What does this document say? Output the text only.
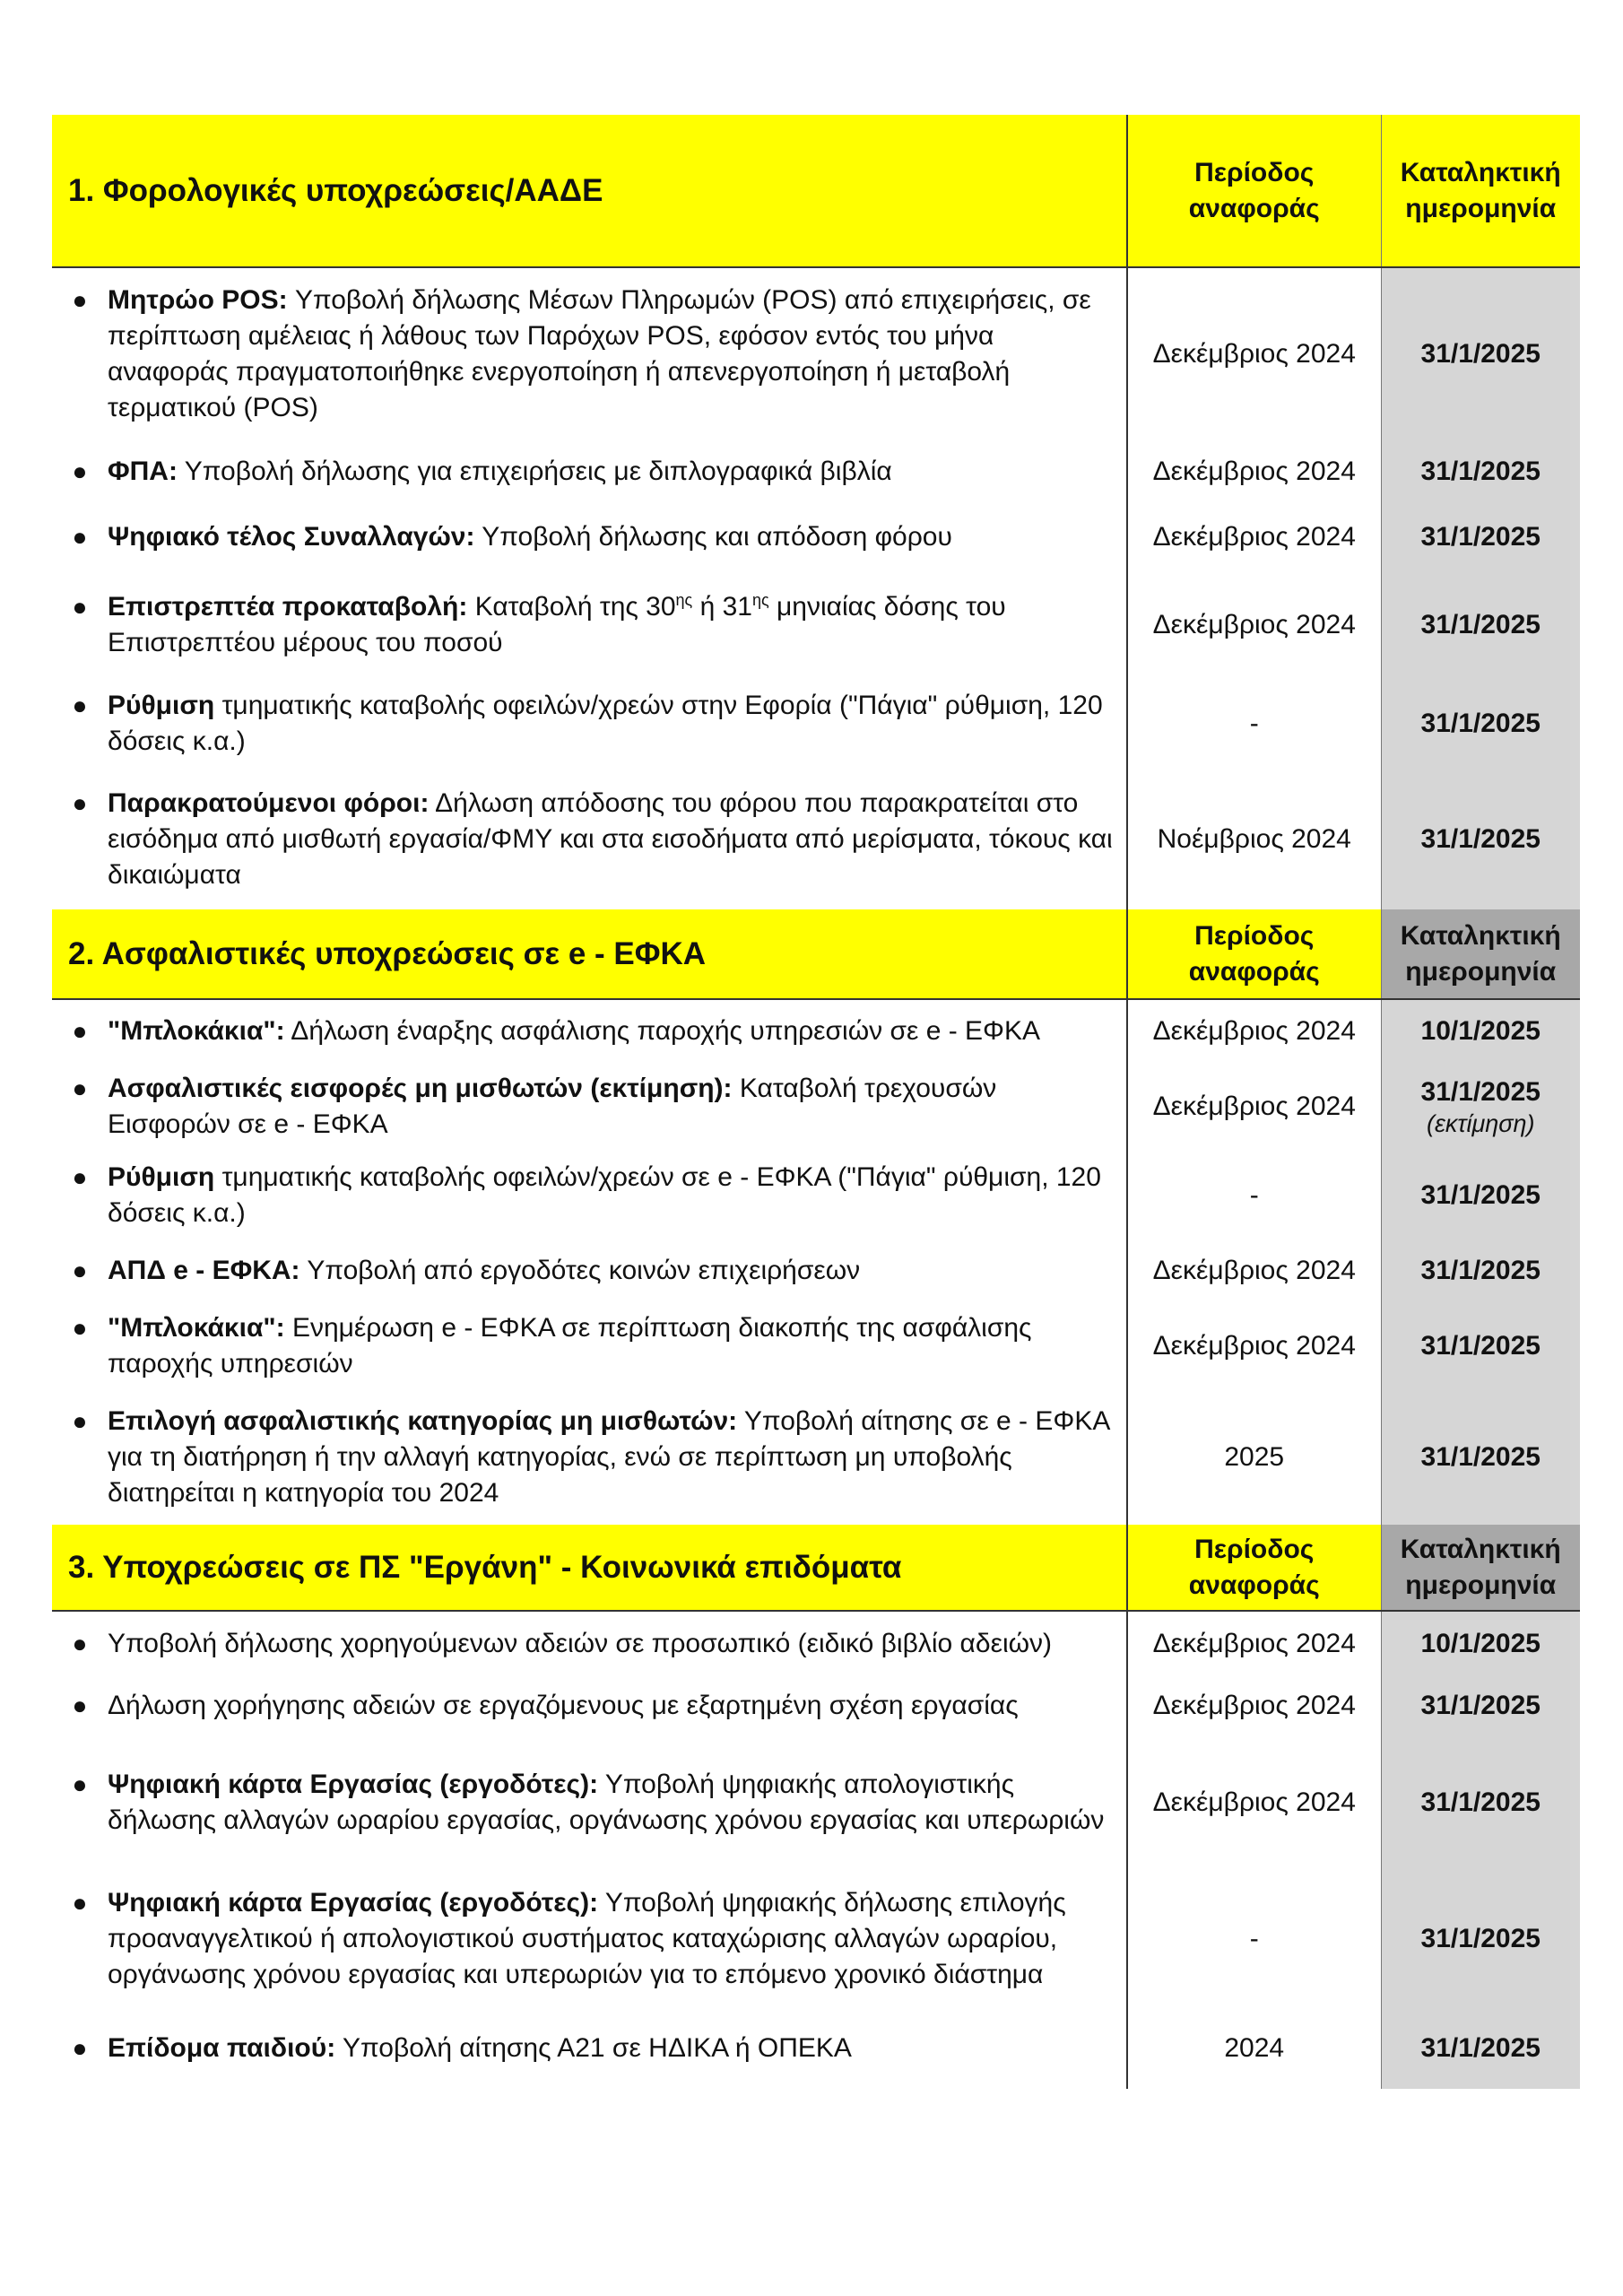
1. Φορολογικές υποχρεώσεις/ΑΑΔΕ	Περίοδος αναφοράς	Καταληκτική ημερομηνία

● Μητρώο POS: Υποβολή δήλωσης Μέσων Πληρωμών (POS) από επιχειρήσεις, σε περίπτωση αμέλειας ή λάθους των Παρόχων POS, εφόσον εντός του μήνα αναφοράς πραγματοποιήθηκε ενεργοποίηση ή απενεργοποίηση ή μεταβολή τερματικού (POS)	Δεκέμβριος 2024	31/1/2025

● ΦΠΑ: Υποβολή δήλωσης για επιχειρήσεις με διπλογραφικά βιβλία	Δεκέμβριος 2024	31/1/2025

● Ψηφιακό τέλος Συναλλαγών: Υποβολή δήλωσης και απόδοση φόρου	Δεκέμβριος 2024	31/1/2025

● Επιστρεπτέα προκαταβολή: Καταβολή της $30^{\eta\varsigma}$ ή $31^{\eta\varsigma}$ μηνιαίας δόσης του Επιστρεπτέου μέρους του ποσού	Δεκέμβριος 2024	31/1/2025

● Ρύθμιση τμηματικής καταβολής οφειλών/χρεών στην Εφορία ("Πάγια" ρύθμιση, 120 δόσεις κ.α.)	-	31/1/2025

● Παρακρατούμενοι φόροι: Δήλωση απόδοσης του φόρου που παρακρατείται στο εισόδημα από μισθωτή εργασία/ΦΜΥ και στα εισοδήματα από μερίσματα, τόκους και δικαιώματα	Νοέμβριος 2024	31/1/2025

2. Ασφαλιστικές υποχρεώσεις σε e - ΕΦΚΑ	Περίοδος αναφοράς	Καταληκτική ημερομηνία

● "Μπλοκάκια": Δήλωση έναρξης ασφάλισης παροχής υπηρεσιών σε e - ΕΦΚΑ	Δεκέμβριος 2024	10/1/2025

● Ασφαλιστικές εισφορές μη μισθωτών (εκτίμηση): Καταβολή τρεχουσών Εισφορών σε e - ΕΦΚΑ	Δεκέμβριος 2024	31/1/2025
(εκτίμηση)

● Ρύθμιση τμηματικής καταβολής οφειλών/χρεών σε e - ΕΦΚΑ ("Πάγια" ρύθμιση, 120 δόσεις κ.α.)	-	31/1/2025

● ΑΠΔ e - ΕΦΚΑ: Υποβολή από εργοδότες κοινών επιχειρήσεων	Δεκέμβριος 2024	31/1/2025

● "Μπλοκάκια": Ενημέρωση e - ΕΦΚΑ σε περίπτωση διακοπής της ασφάλισης παροχής υπηρεσιών	Δεκέμβριος 2024	31/1/2025

● Επιλογή ασφαλιστικής κατηγορίας μη μισθωτών: Υποβολή αίτησης σε e - ΕΦΚΑ για τη διατήρηση ή την αλλαγή κατηγορίας, ενώ σε περίπτωση μη υποβολής διατηρείται η κατηγορία του 2024	2025	31/1/2025

3. Υποχρεώσεις σε ΠΣ "Εργάνη" - Κοινωνικά επιδόματα	Περίοδος αναφοράς	Καταληκτική ημερομηνία

● Υποβολή δήλωσης χορηγούμενων αδειών σε προσωπικό (ειδικό βιβλίο αδειών)	Δεκέμβριος 2024	10/1/2025

● Δήλωση χορήγησης αδειών σε εργαζόμενους με εξαρτημένη σχέση εργασίας	Δεκέμβριος 2024	31/1/2025

● Ψηφιακή κάρτα Εργασίας (εργοδότες): Υποβολή ψηφιακής απολογιστικής δήλωσης αλλαγών ωραρίου εργασίας, οργάνωσης χρόνου εργασίας και υπερωριών	Δεκέμβριος 2024	31/1/2025

● Ψηφιακή κάρτα Εργασίας (εργοδότες): Υποβολή ψηφιακής δήλωσης επιλογής προαναγγελτικού ή απολογιστικού συστήματος καταχώρισης αλλαγών ωραρίου, οργάνωσης χρόνου εργασίας και υπερωριών για το επόμενο χρονικό διάστημα	-	31/1/2025

● Επίδομα παιδιού: Υποβολή αίτησης Α21 σε ΗΔΙΚΑ ή ΟΠΕΚΑ	2024	31/1/2025
